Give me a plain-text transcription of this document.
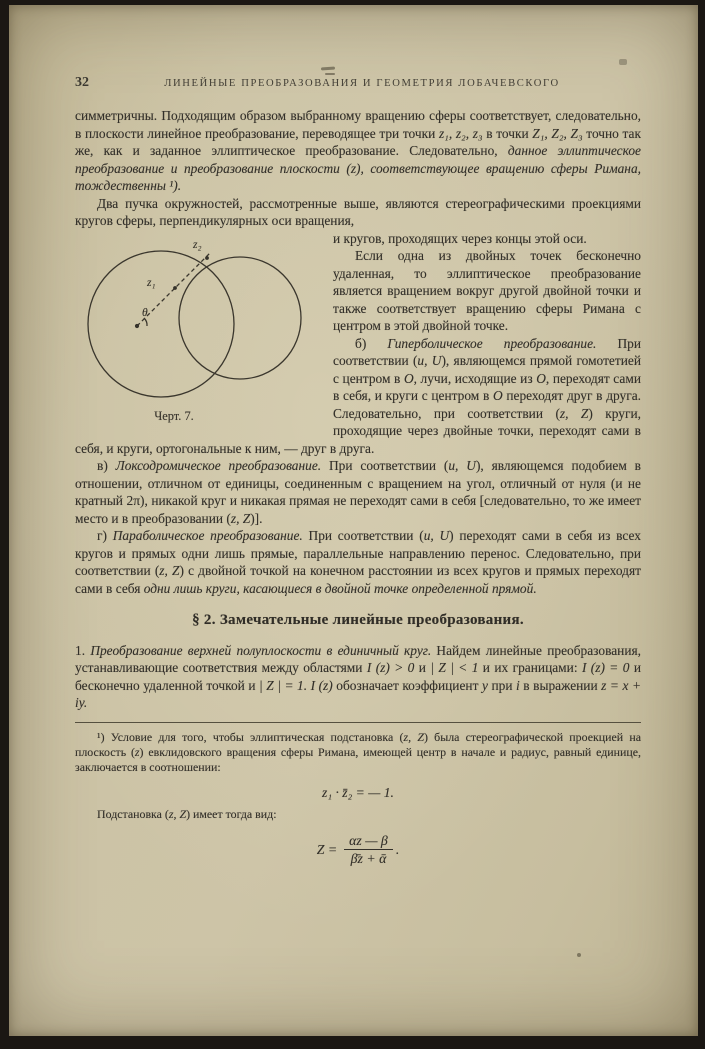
32	ЛИНЕЙНЫЕ ПРЕОБРАЗОВАНИЯ И ГЕОМЕТРИЯ ЛОБАЧЕВСКОГО

симметричны. Подходящим образом выбранному вращению сферы соответствует, следовательно, в плоскости линейное преобразование, переводящее три точки z₁, z₂, z₃ в точки Z₁, Z₂, Z₃ точно так же, как и заданное эллиптическое преобразование. Следовательно, данное эллиптическое преобразование и преобразование плоскости (z), соответствующее вращению сферы Римана, тождественны ¹).

Два пучка окружностей, рассмотренные выше, являются стереографическими проекциями кругов сферы, перпендикулярных оси вращения,

z₁
z₂
θ
Черт. 7.

и кругов, проходящих через концы этой оси.

Если одна из двойных точек бесконечно удаленная, то эллиптическое преобразование является вращением вокруг другой двойной точки и также соответствует вращению сферы Римана с центром в этой двойной точке.

б) Гиперболическое преобразование. При соответствии (u, U), являющемся прямой гомотетией с центром в O, лучи, исходящие из O, переходят сами в себя, и круги с центром в O переходят друг в друга. Следовательно, при соответствии (z, Z) круги, проходящие через двойные точки, переходят сами в себя, и круги, ортогональные к ним, — друг в друга.

в) Локсодромическое преобразование. При соответствии (u, U), являющемся подобием в отношении, отличном от единицы, соединенным с вращением на угол, отличный от нуля (и не кратный 2π), никакой круг и никакая прямая не переходят сами в себя [следовательно, то же имеет место и в преобразовании (z, Z)].

г) Параболическое преобразование. При соответствии (u, U) переходят сами в себя из всех кругов и прямых одни лишь прямые, параллельные направлению перенос. Следовательно, при соответствии (z, Z) с двойной точкой на конечном расстоянии из всех кругов и прямых переходят сами в себя одни лишь круги, касающиеся в двойной точке определенной прямой.

§ 2. Замечательные линейные преобразования.

1. Преобразование верхней полуплоскости в единичный круг. Найдем линейные преобразования, устанавливающие соответствия между областями I (z) > 0 и | Z | < 1 и их границами: I (z) = 0 и бесконечно удаленной точкой и | Z | = 1. I (z) обозначает коэффициент y при i в выражении z = x + iy.

¹) Условие для того, чтобы эллиптическая подстановка (z, Z) была стереографической проекцией на плоскость (z) евклидовского вращения сферы Римана, имеющей центр в начале и радиус, равный единице, заключается в соотношении:

z₁ · z̄₂ = — 1.

Подстановка (z, Z) имеет тогда вид:

$Z = \frac{\alpha z — \beta}{\text{β̄z + ᾱ}}$ .
